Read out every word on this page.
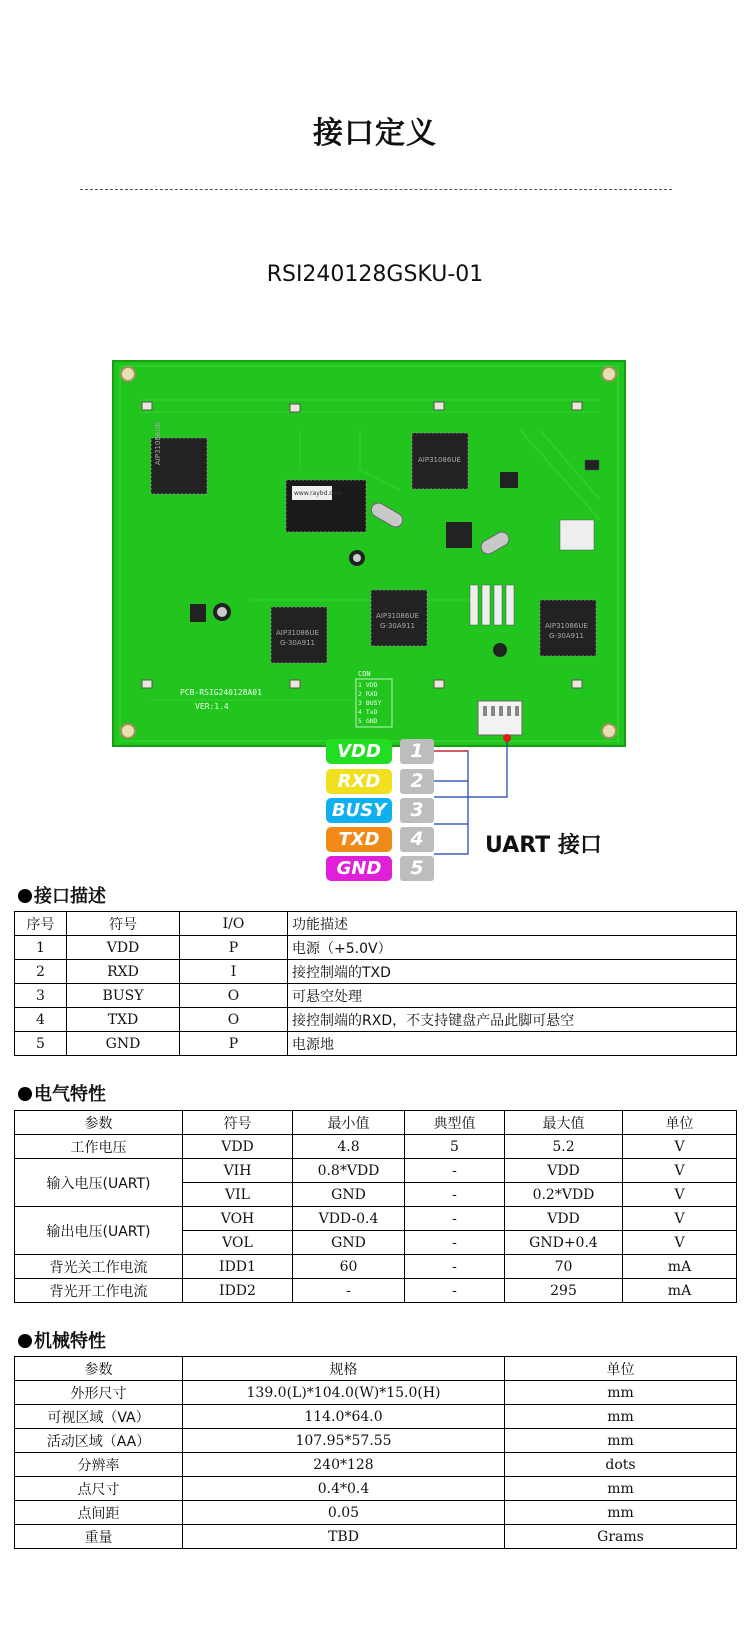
接口定义
RSI240128GSKU-01
AIP31086UE	AIP31086UE
AIP31086UE
AIP31086UE
AIP31086UE
G-30A911
G-30A911
G-30A911
www.raybd.com
PCB-RSIG240128A01
VER:1.4
CON
1 VDD
2 RXD
3 BUSY
4 TxD
5 GND
VDD	1
RXD	2
BUSY	3
TXD	4
GND	5
UART 接口
接口描述
序号	符号	I/O	功能描述
1	VDD	P	电源（+5.0V）
2	RXD	I	接控制端的TXD
3	BUSY	O	可悬空处理
4	TXD	O	接控制端的RXD，不支持键盘产品此脚可悬空
5	GND	P	电源地
电气特性
参数	符号	最小值	典型值	最大值	单位
工作电压	VDD	4.8	5	5.2	V
输入电压(UART)	VIH	0.8*VDD	-	VDD	V
	VIL	GND	-	0.2*VDD	V
输出电压(UART)	VOH	VDD-0.4	-	VDD	V
	VOL	GND	-	GND+0.4	V
背光关工作电流	IDD1	60	-	70	mA
背光开工作电流	IDD2	-	-	295	mA
机械特性
参数	规格	单位
外形尺寸	139.0(L)*104.0(W)*15.0(H)	mm
可视区域（VA）	114.0*64.0	mm
活动区域（AA）	107.95*57.55	mm
分辨率	240*128	dots
点尺寸	0.4*0.4	mm
点间距	0.05	mm
重量	TBD	Grams
